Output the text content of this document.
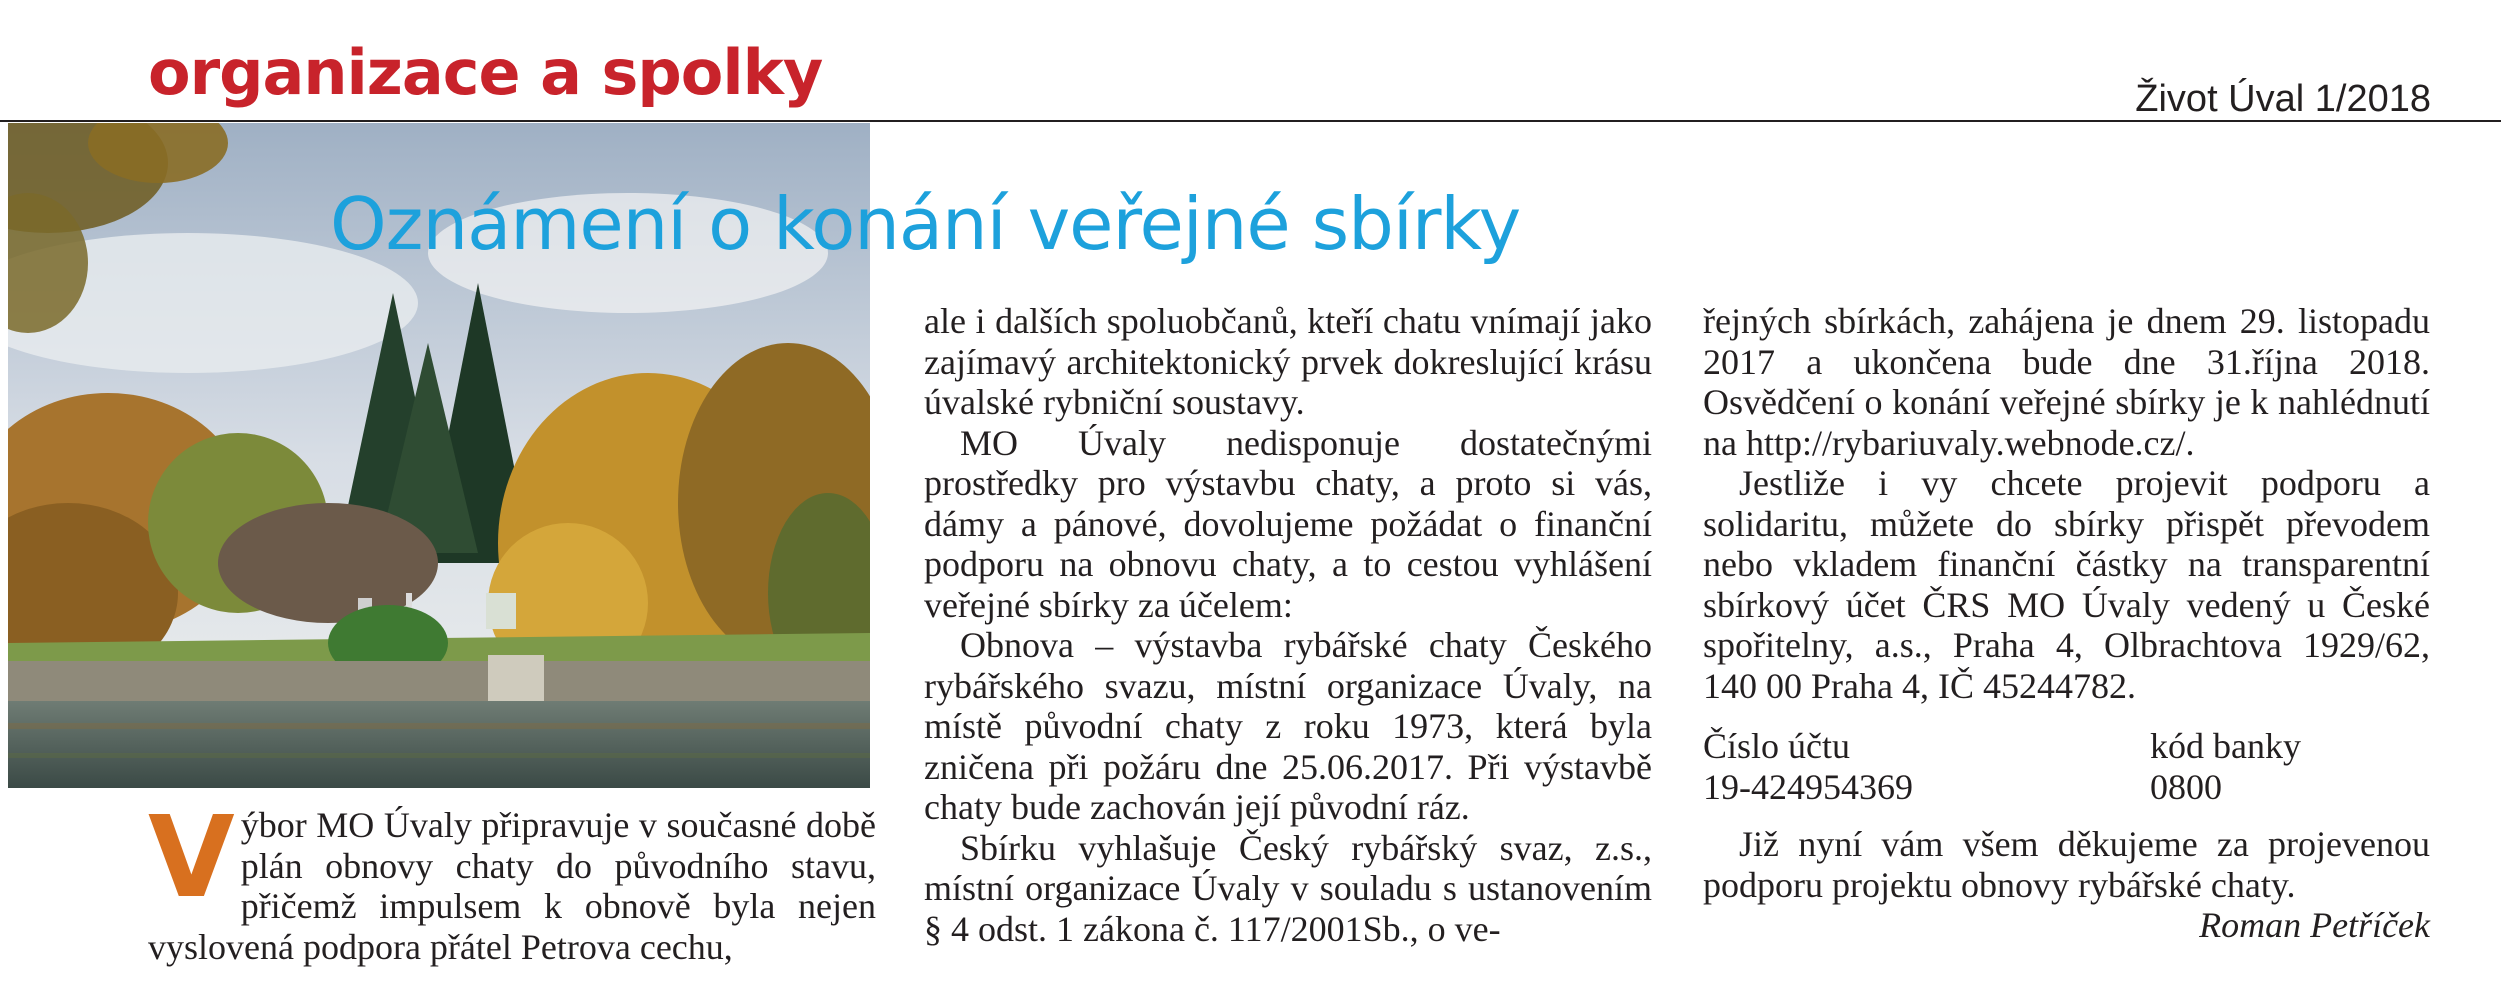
organizace a spolky	Život Úval 1/2018
Oznámení o konání veřejné sbírky
V ýbor MO Úvaly připravuje v současné době plán obnovy chaty do původního stavu, přičemž impulsem k obnově byla nejen vyslovená podpora přátel Petrova cechu,

ale i dalších spoluobčanů, kteří chatu vnímají jako zajímavý architektonický prvek dokreslující krásu úvalské rybniční soustavy.

MO Úvaly nedisponuje dostatečnými prostředky pro výstavbu chaty, a proto si vás, dámy a pánové, dovolujeme požádat o finanční podporu na obnovu chaty, a to cestou vyhlášení veřejné sbírky za účelem:

Obnova – výstavba rybářské chaty Českého rybářského svazu, místní organizace Úvaly, na místě původní chaty z roku 1973, která byla zničena při požáru dne 25.06.2017. Při výstavbě chaty bude zachován její původní ráz.

Sbírku vyhlašuje Český rybářský svaz, z.s., místní organizace Úvaly v souladu s ustanovením § 4 odst. 1 zákona č. 117/2001Sb., o ve-

řejných sbírkách, zahájena je dnem 29. listopadu 2017 a ukončena bude dne 31.října 2018. Osvědčení o konání veřejné sbírky je k nahlédnutí na http://rybariuvaly.webnode.cz/.

Jestliže i vy chcete projevit podporu a solidaritu, můžete do sbírky přispět převodem nebo vkladem finanční částky na transparentní sbírkový účet ČRS MO Úvaly vedený u České spořitelny, a.s., Praha 4, Olbrachtova 1929/62, 140 00 Praha 4, IČ 45244782.

Číslo účtu
19-424954369
kód banky
0800

Již nyní vám všem děkujeme za projevenou podporu projektu obnovy rybářské chaty.

Roman Petříček
